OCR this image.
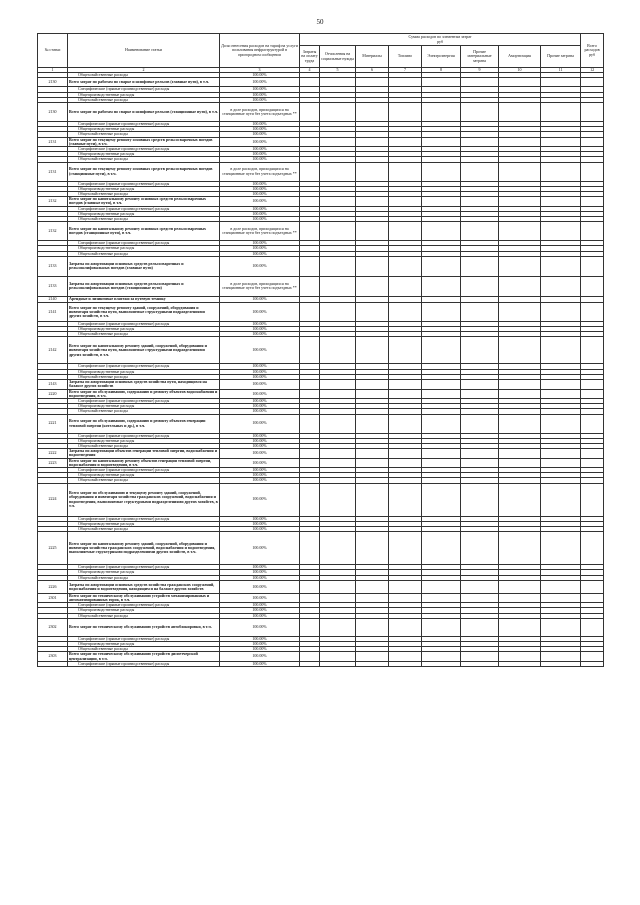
50
№ статьи	Наименование статьи	Доля отнесения расходов на тариф на услуги пользования инфраструктурой в пригородном сообщении	Сумма расходов по элементам затрат
руб								Всего расходов руб
			Затраты на оплату труда	Отчисления на социальные нужды	Материалы	Топливо	Электроэнергия	Прочие материальные затраты	Амортизация	Прочие затраты	
1	2	3	4	5	6	7	8	9	10	11	12
	Общехозяйственные расходы	100.00%									
2130	Всего затрат по работам по сварке и шлифовке рельсов (главные пути), в т.ч.	100.00%									
	Специфические (прямые производственные) расходы	100.00%									
	Общепроизводственные расходы	100.00%									
	Общехозяйственные расходы	100.00%									
2130	Всего затрат по работам по сварке и шлифовке рельсов (станционные пути), в т.ч.	в доле расходов, приходящихся на станционные пути без учета подъездных **									
	Специфические (прямые производственные) расходы	100.00%									
	Общепроизводственные расходы	100.00%									
	Общехозяйственные расходы	100.00%									
2131	Всего затрат по текущему ремонту основных средств рельсосварочных поездов (главные пути), в т.ч.	100.00%									
	Специфические (прямые производственные) расходы	100.00%									
	Общепроизводственные расходы	100.00%									
	Общехозяйственные расходы	100.00%									
2131	Всего затрат по текущему ремонту основных средств рельсосварочных поездов (станционные пути), в т.ч.	в доле расходов, приходящихся на станционные пути без учета подъездных **									
	Специфические (прямые производственные) расходы	100.00%									
	Общепроизводственные расходы	100.00%									
	Общехозяйственные расходы	100.00%									
2132	Всего затрат по капитальному ремонту основных средств рельсосварочных поездов (главные пути), в т.ч.	100.00%									
	Специфические (прямые производственные) расходы	100.00%									
	Общепроизводственные расходы	100.00%									
	Общехозяйственные расходы	100.00%									
2132	Всего затрат по капитальному ремонту основных средств рельсосварочных поездов (станционные пути), в т.ч.	в доле расходов, приходящихся на станционные пути без учета подъездных **									
	Специфические (прямые производственные) расходы	100.00%									
	Общепроизводственные расходы	100.00%									
	Общехозяйственные расходы	100.00%									
2133	Затраты по амортизации основных средств рельсосварочных и рельсошлифовальных поездов (главные пути)	100.00%									
2133	Затраты по амортизации основных средств рельсосварочных и рельсошлифовальных поездов (станционные пути)	в доле расходов, приходящихся на станционные пути без учета подъездных **									
2140	Арендные и лизинговые платежи за путевую технику	100.00%									
2141	Всего затрат по текущему ремонту зданий, сооружений, оборудования и инвентаря хозяйства пути, выполняемые структурными подразделениями других хозяйств, в т.ч.	100.00%									
	Специфические (прямые производственные) расходы	100.00%									
	Общепроизводственные расходы	100.00%									
	Общехозяйственные расходы	100.00%									
2142	Всего затрат по капитальному ремонту зданий, сооружений, оборудования и инвентаря хозяйства пути, выполняемые структурными подразделениями других хозяйств, в т.ч.	100.00%									
	Специфические (прямые производственные) расходы	100.00%									
	Общепроизводственные расходы	100.00%									
	Общехозяйственные расходы	100.00%									
2143	Затраты по амортизации основных средств хозяйства пути, находящихся на балансе других хозяйств	100.00%									
2220	Всего затрат по обслуживанию, содержанию и ремонту объектов водоснабжения и водоотведения, в т.ч.	100.00%									
	Специфические (прямые производственные) расходы	100.00%									
	Общепроизводственные расходы	100.00%									
	Общехозяйственные расходы	100.00%									
2221	Всего затрат по обслуживанию, содержанию и ремонту объектов генерации тепловой энергии (котельных и др.), в т.ч.	100.00%									
	Специфические (прямые производственные) расходы	100.00%									
	Общепроизводственные расходы	100.00%									
	Общехозяйственные расходы	100.00%									
2222	Затраты по амортизации объектов генерации тепловой энергии, водоснабжения и водоотведения	100.00%									
2223	Всего затрат по капитальному ремонту объектов генерации тепловой энергии, водоснабжения и водоотведения, в т.ч.	100.00%									
	Специфические (прямые производственные) расходы	100.00%									
	Общепроизводственные расходы	100.00%									
	Общехозяйственные расходы	100.00%									
2224	Всего затрат по обслуживанию и текущему ремонту зданий, сооружений, оборудования и инвентаря хозяйства гражданских сооружений, водоснабжения и водоотведения, выполняемые структурными подразделениями других хозяйств, в т.ч.	100.00%									
	Специфические (прямые производственные) расходы	100.00%									
	Общепроизводственные расходы	100.00%									
	Общехозяйственные расходы	100.00%									
2225	Всего затрат по капитальному ремонту зданий, сооружений, оборудования и инвентаря хозяйства гражданских сооружений, водоснабжения и водоотведения, выполняемые структурными подразделениями других хозяйств, в т.ч.	100.00%									
	Специфические (прямые производственные) расходы	100.00%									
	Общепроизводственные расходы	100.00%									
	Общехозяйственные расходы	100.00%									
2226	Затраты по амортизации основных средств хозяйства гражданских сооружений, водоснабжения и водоотведения, находящихся на балансе других хозяйств	100.00%									
2301	Всего затрат по техническому обслуживанию устройств механизированных и автоматизированных горок, в т.ч.	100.00%									
	Специфические (прямые производственные) расходы	100.00%									
	Общепроизводственные расходы	100.00%									
	Общехозяйственные расходы	100.00%									
2302	Всего затрат по техническому обслуживанию устройств автоблокировки, в т.ч.	100.00%									
	Специфические (прямые производственные) расходы	100.00%									
	Общепроизводственные расходы	100.00%									
	Общехозяйственные расходы	100.00%									
2303	Всего затрат по техническому обслуживанию устройств диспетчерской централизации, в т.ч.	100.00%									
	Специфические (прямые производственные) расходы	100.00%									
